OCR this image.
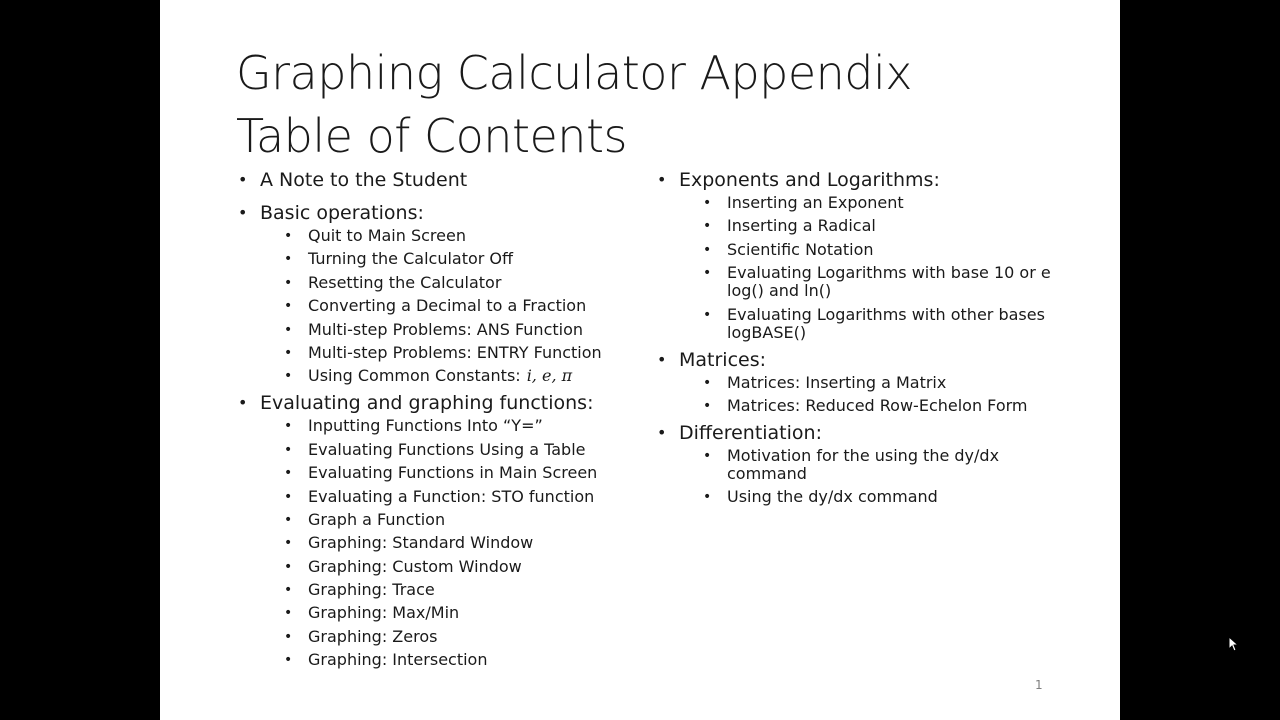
Graphing Calculator Appendix
Table of Contents
• A Note to the Student
• Basic operations:
• Quit to Main Screen
• Turning the Calculator Off
• Resetting the Calculator
• Converting a Decimal to a Fraction
• Multi-step Problems: ANS Function
• Multi-step Problems: ENTRY Function
• Using Common Constants: i, e, π
• Evaluating and graphing functions:
• Inputting Functions Into “Y=”
• Evaluating Functions Using a Table
• Evaluating Functions in Main Screen
• Evaluating a Function: STO function
• Graph a Function
• Graphing: Standard Window
• Graphing: Custom Window
• Graphing: Trace
• Graphing: Max/Min
• Graphing: Zeros
• Graphing: Intersection
• Exponents and Logarithms:
• Inserting an Exponent
• Inserting a Radical
• Scientific Notation
• Evaluating Logarithms with base 10 or e
log() and ln()
• Evaluating Logarithms with other bases
logBASE()
• Matrices:
• Matrices: Inserting a Matrix
• Matrices: Reduced Row-Echelon Form
• Differentiation:
• Motivation for the using the dy/dx
command
• Using the dy/dx command
1
